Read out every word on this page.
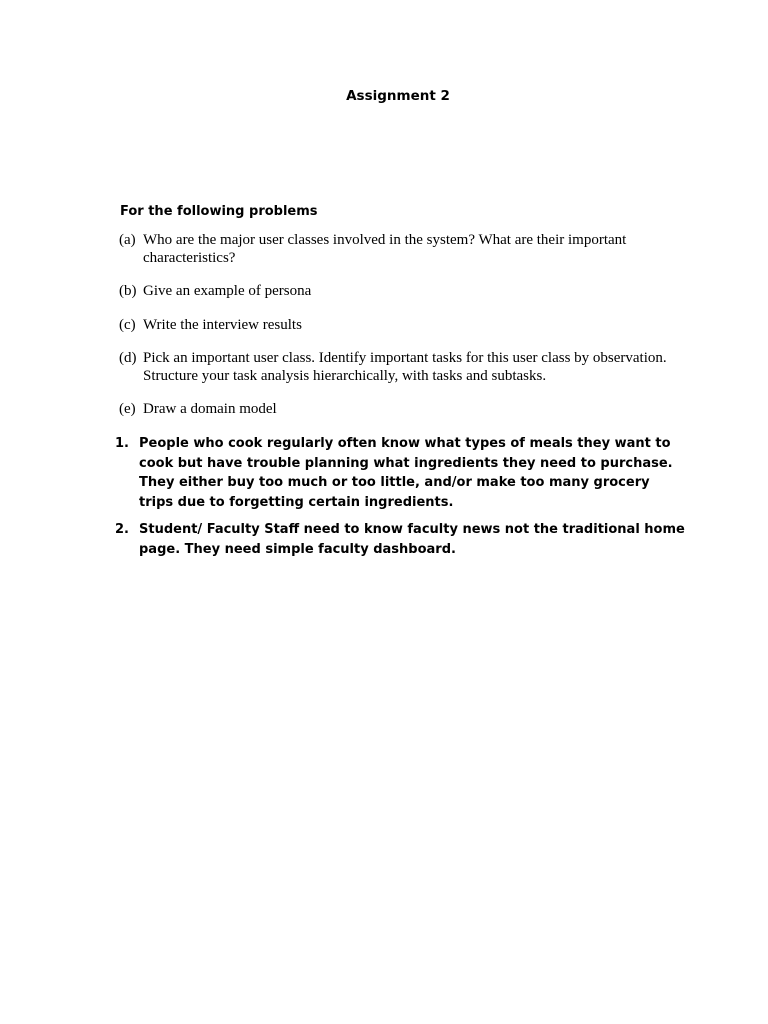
Assignment 2
For the following problems
(a) Who are the major user classes involved in the system? What are their important characteristics?
(b) Give an example of persona
(c) Write the interview results
(d) Pick an important user class. Identify important tasks for this user class by observation. Structure your task analysis hierarchically, with tasks and subtasks.
(e) Draw a domain model
1. People who cook regularly often know what types of meals they want to cook but have trouble planning what ingredients they need to purchase. They either buy too much or too little, and/or make too many grocery trips due to forgetting certain ingredients.
2. Student/ Faculty Staff need to know faculty news not the traditional home page. They need simple faculty dashboard.
